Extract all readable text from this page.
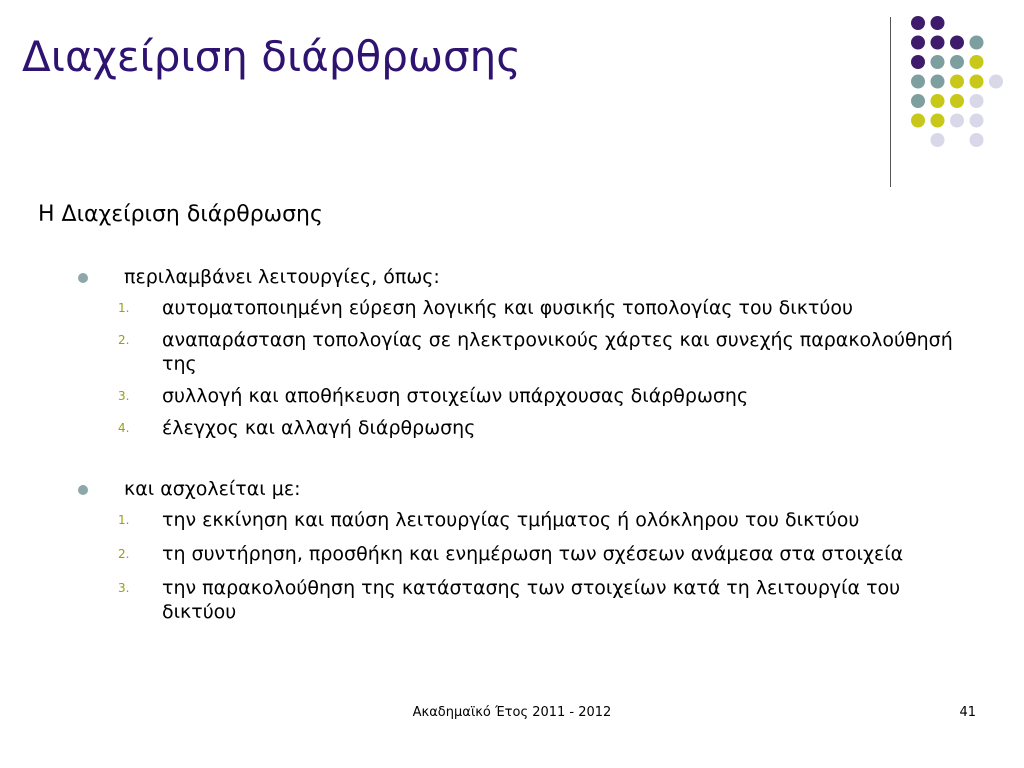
Διαχείριση διάρθρωσης

Η Διαχείριση διάρθρωσης

περιλαμβάνει λειτουργίες, όπως:
1. αυτοματοποιημένη εύρεση λογικής και φυσικής τοπολογίας του δικτύου
2. αναπαράσταση τοπολογίας σε ηλεκτρονικούς χάρτες και συνεχής παρακολούθησή της
3. συλλογή και αποθήκευση στοιχείων υπάρχουσας διάρθρωσης
4. έλεγχος και αλλαγή διάρθρωσης
και ασχολείται με:
1. την εκκίνηση και παύση λειτουργίας τμήματος ή ολόκληρου του δικτύου
2. τη συντήρηση, προσθήκη και ενημέρωση των σχέσεων ανάμεσα στα στοιχεία
3. την παρακολούθηση της κατάστασης των στοιχείων κατά τη λειτουργία του δικτύου
Ακαδημαϊκό Έτος 2011 - 2012	41
